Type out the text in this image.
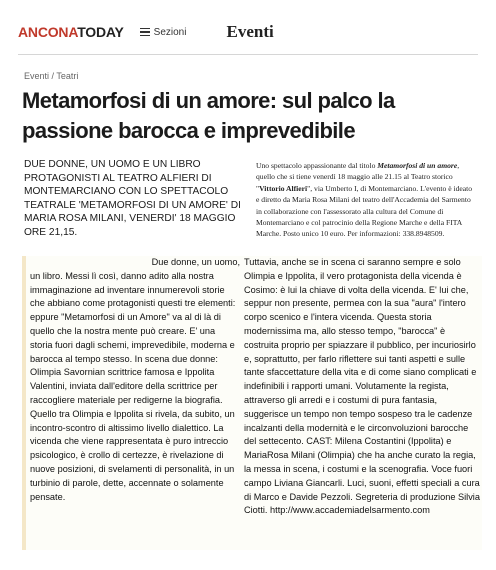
ANCONATODAY	Sezioni Eventi
Eventi / Teatri
Metamorfosi di un amore: sul palco la
passione barocca e imprevedibile
DUE DONNE, UN UOMO E UN LIBRO PROTAGONISTI AL TEATRO ALFIERI DI MONTEMARCIANO CON LO SPETTACOLO TEATRALE 'METAMORFOSI DI UN AMORE' DI MARIA ROSA MILANI, VENERDI' 18 MAGGIO ORE 21,15.
Uno spettacolo appassionante dal titolo Metamorfosi di un amore, quello che si tiene venerdì 18 maggio alle 21.15 al Teatro storico "Vittorio Alfieri", via Umberto I, di Montemarciano. L'evento è ideato e diretto da Maria Rosa Milani del teatro dell'Accademia del Sarmento in collaborazione con l'assessorato alla cultura del Comune di Montemarciano e col patrocinio della Regione Marche e della FITA Marche. Posto unico 10 euro. Per informazioni: 338.8948509.
Due donne, un uomo,

un libro. Messi lì così, danno adito alla nostra immaginazione ad inventare innumerevoli storie che abbiano come protagonisti questi tre elementi: eppure "Metamorfosi di un Amore" va al di là di quello che la nostra mente può creare. E' una storia fuori dagli schemi, imprevedibile, moderna e barocca al tempo stesso. In scena due donne: Olimpia Savornian scrittrice famosa e Ippolita Valentini, inviata dall'editore della scrittrice per raccogliere materiale per redigerne la biografia. Quello tra Olimpia e Ippolita si rivela, da subito, un incontro-scontro di altissimo livello dialettico. La vicenda che viene rappresentata è puro intreccio psicologico, è crollo di certezze, è rivelazione di nuove posizioni, di svelamenti di personalità, in un turbinio di parole, dette, accennate o solamente pensate.

Tuttavia, anche se in scena ci saranno sempre e solo Olimpia e Ippolita, il vero protagonista della vicenda è Cosimo: è lui la chiave di volta della vicenda. E' lui che, seppur non presente, permea con la sua "aura" l'intero corpo scenico e l'intera vicenda. Questa storia modernissima ma, allo stesso tempo, "barocca" è costruita proprio per spiazzare il pubblico, per incuriosirlo e, soprattutto, per farlo riflettere sui tanti aspetti e sulle tante sfaccettature della vita e di come siano complicati e indefinibili i rapporti umani. Volutamente la regista, attraverso gli arredi e i costumi di pura fantasia, suggerisce un tempo non tempo sospeso tra le cadenze incalzanti della modernità e le circonvoluzioni barocche del settecento. CAST: Milena Costantini (Ippolita) e MariaRosa Milani (Olimpia) che ha anche curato la regia, la messa in scena, i costumi e la scenografia. Voce fuori campo Liviana Giancarli. Luci, suoni, effetti speciali a cura di Marco e Davide Pezzoli. Segreteria di produzione Silvia Ciotti. http://www.accademiadelsarmento.com
